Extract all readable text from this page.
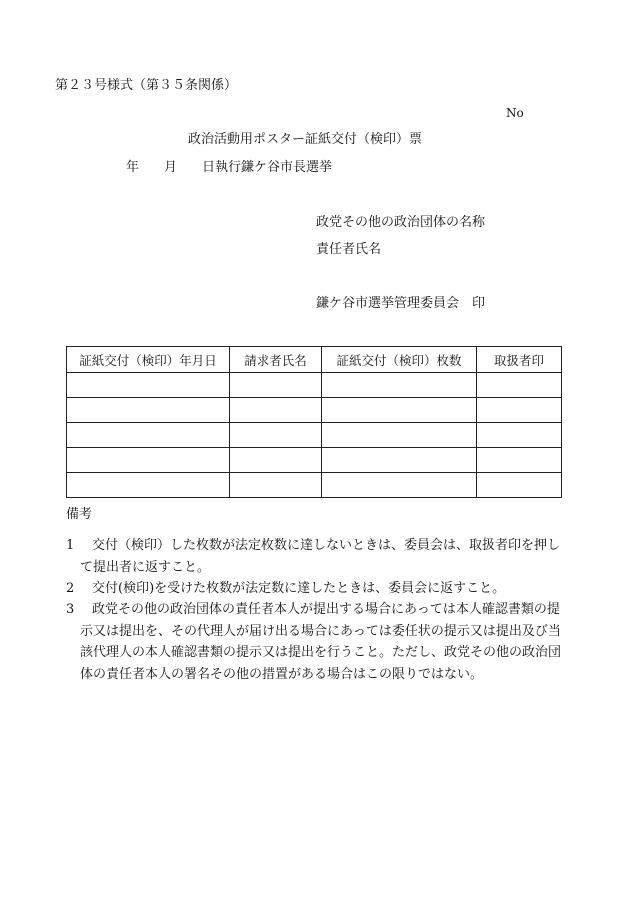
第２３号様式（第３５条関係）
No
政治活動用ポスター証紙交付（検印）票
年 月 日執行鎌ケ谷市長選挙
政党その他の政治団体の名称
責任者氏名
鎌ケ谷市選挙管理委員会 印
証紙交付（検印）年月日	請求者氏名	証紙交付（検印）枚数	取扱者印

備考
1	交付（検印）した枚数が法定枚数に達しないときは、委員会は、取扱者印を押して提出者に返すこと。
2	交付(検印)を受けた枚数が法定数に達したときは、委員会に返すこと。
3	政党その他の政治団体の責任者本人が提出する場合にあっては本人確認書類の提示又は提出を、その代理人が届け出る場合にあっては委任状の提示又は提出及び当該代理人の本人確認書類の提示又は提出を行うこと。ただし、政党その他の政治団体の責任者本人の署名その他の措置がある場合はこの限りではない。
